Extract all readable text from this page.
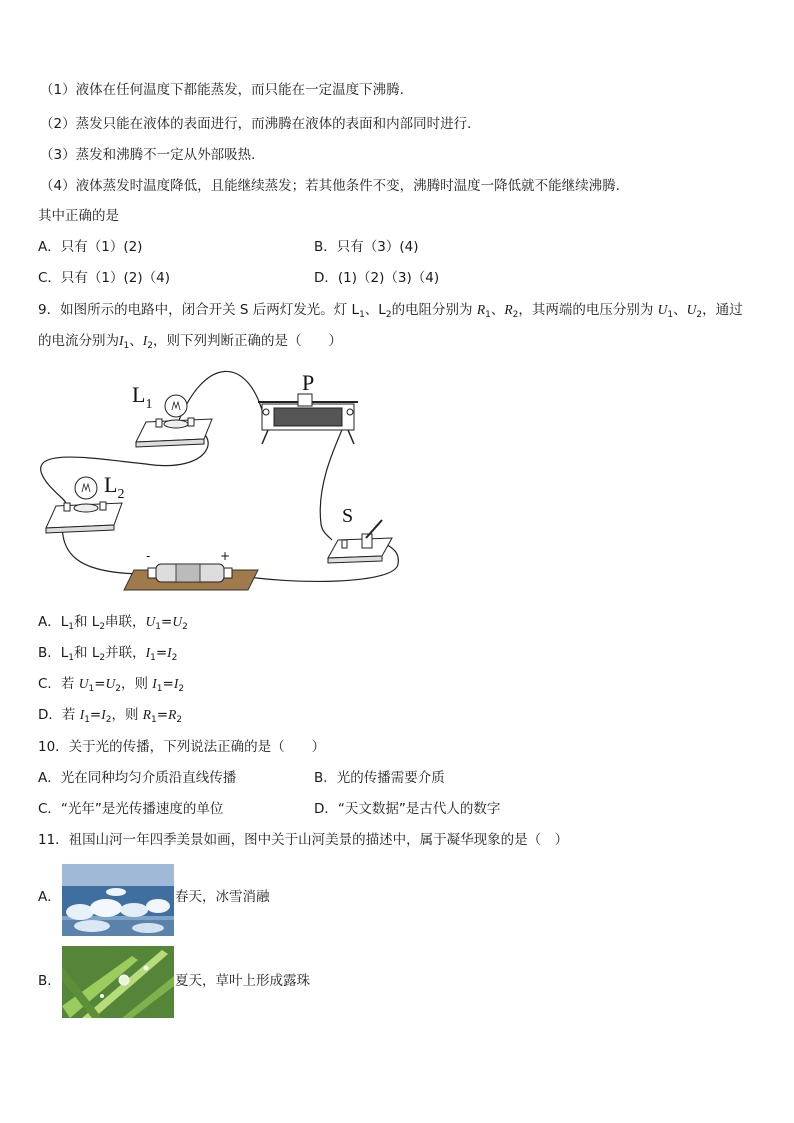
（1）液体在任何温度下都能蒸发，而只能在一定温度下沸腾．
（2）蒸发只能在液体的表面进行，而沸腾在液体的表面和内部同时进行．
（3）蒸发和沸腾不一定从外部吸热．
（4）液体蒸发时温度降低，且能继续蒸发；若其他条件不变，沸腾时温度一降低就不能继续沸腾．
其中正确的是
A．只有（1）(2)	B．只有（3）(4)
C．只有（1）(2)（4)	D．(1)（2)（3)（4)
9．如图所示的电路中，闭合开关 S 后两灯发光。灯 $L_1$、$L_2$的电阻分别为 $R_1$、$R_2$，其两端的电压分别为 $U_1$、$U_2$，通过
的电流分别为$I_1$、$I_2$，则下列判断正确的是（　　）
$L_1$
$L_2$
P
S
-	+
A．$L_1$和 $L_2$串联，$U_1=U_2$
B．$L_1$和 $L_2$并联，$I_1=I_2$
C．若 $U_1=U_2$，则 $I_1=I_2$
D．若 $I_1=I_2$，则 $R_1=R_2$
10．关于光的传播，下列说法正确的是（　　）
A．光在同种均匀介质沿直线传播	B．光的传播需要介质
C．“光年”是光传播速度的单位	D．“天文数据”是古代人的数字
11．祖国山河一年四季美景如画，图中关于山河美景的描述中，属于凝华现象的是（　）
A．	春天，冰雪消融
B．	夏天，草叶上形成露珠
